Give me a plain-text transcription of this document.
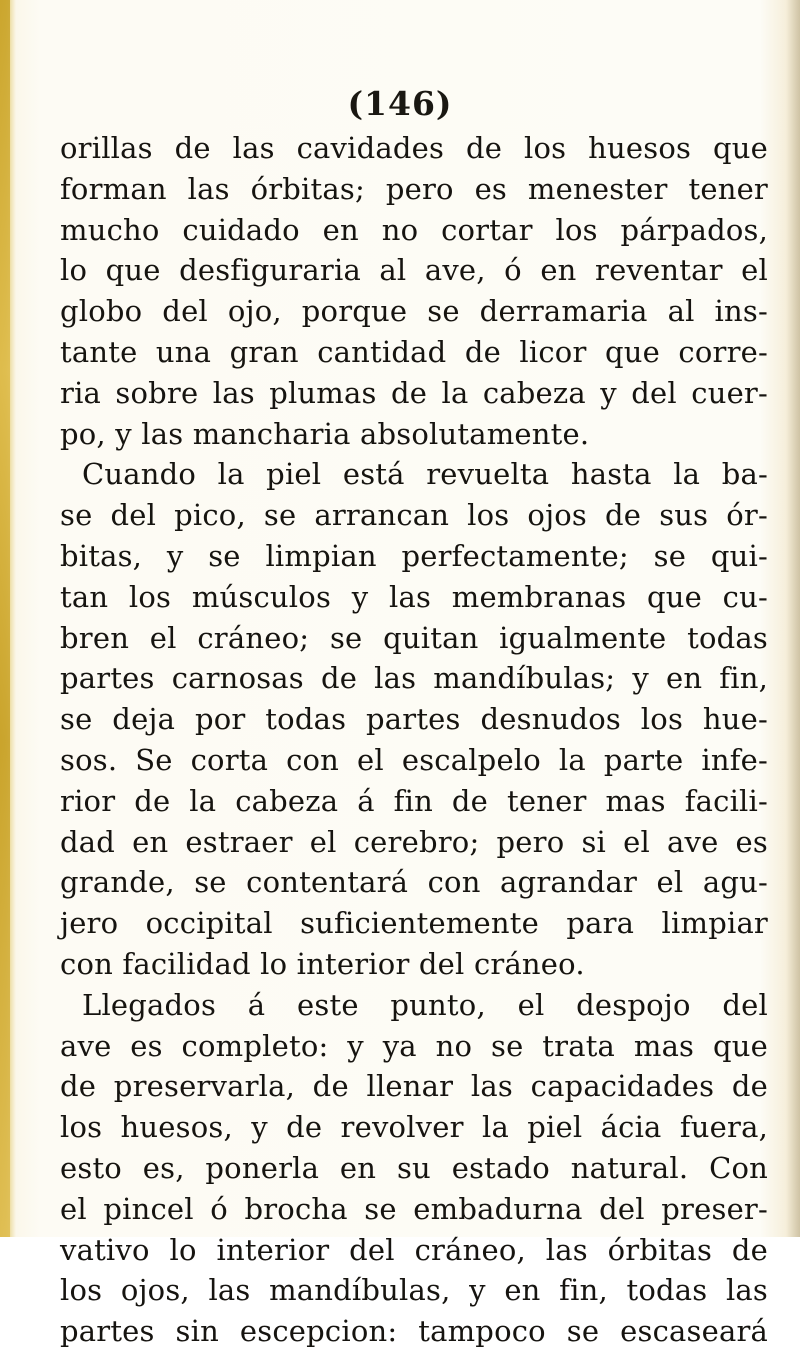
(146)
orillas de las cavidades de los huesos que
forman las órbitas; pero es menester tener
mucho cuidado en no cortar los párpados,
lo que desfiguraria al ave, ó en reventar el
globo del ojo, porque se derramaria al ins-
tante una gran cantidad de licor que corre-
ria sobre las plumas de la cabeza y del cuer-
po, y las mancharia absolutamente.
Cuando la piel está revuelta hasta la ba-
se del pico, se arrancan los ojos de sus ór-
bitas, y se limpian perfectamente; se qui-
tan los músculos y las membranas que cu-
bren el cráneo; se quitan igualmente todas
partes carnosas de las mandíbulas; y en fin,
se deja por todas partes desnudos los hue-
sos. Se corta con el escalpelo la parte infe-
rior de la cabeza á fin de tener mas facili-
dad en estraer el cerebro; pero si el ave es
grande, se contentará con agrandar el agu-
jero occipital suficientemente para limpiar
con facilidad lo interior del cráneo.
Llegados á este punto, el despojo del
ave es completo: y ya no se trata mas que
de preservarla, de llenar las capacidades de
los huesos, y de revolver la piel ácia fuera,
esto es, ponerla en su estado natural. Con
el pincel ó brocha se embadurna del preser-
vativo lo interior del cráneo, las órbitas de
los ojos, las mandíbulas, y en fin, todas las
partes sin escepcion: tampoco se escaseará
